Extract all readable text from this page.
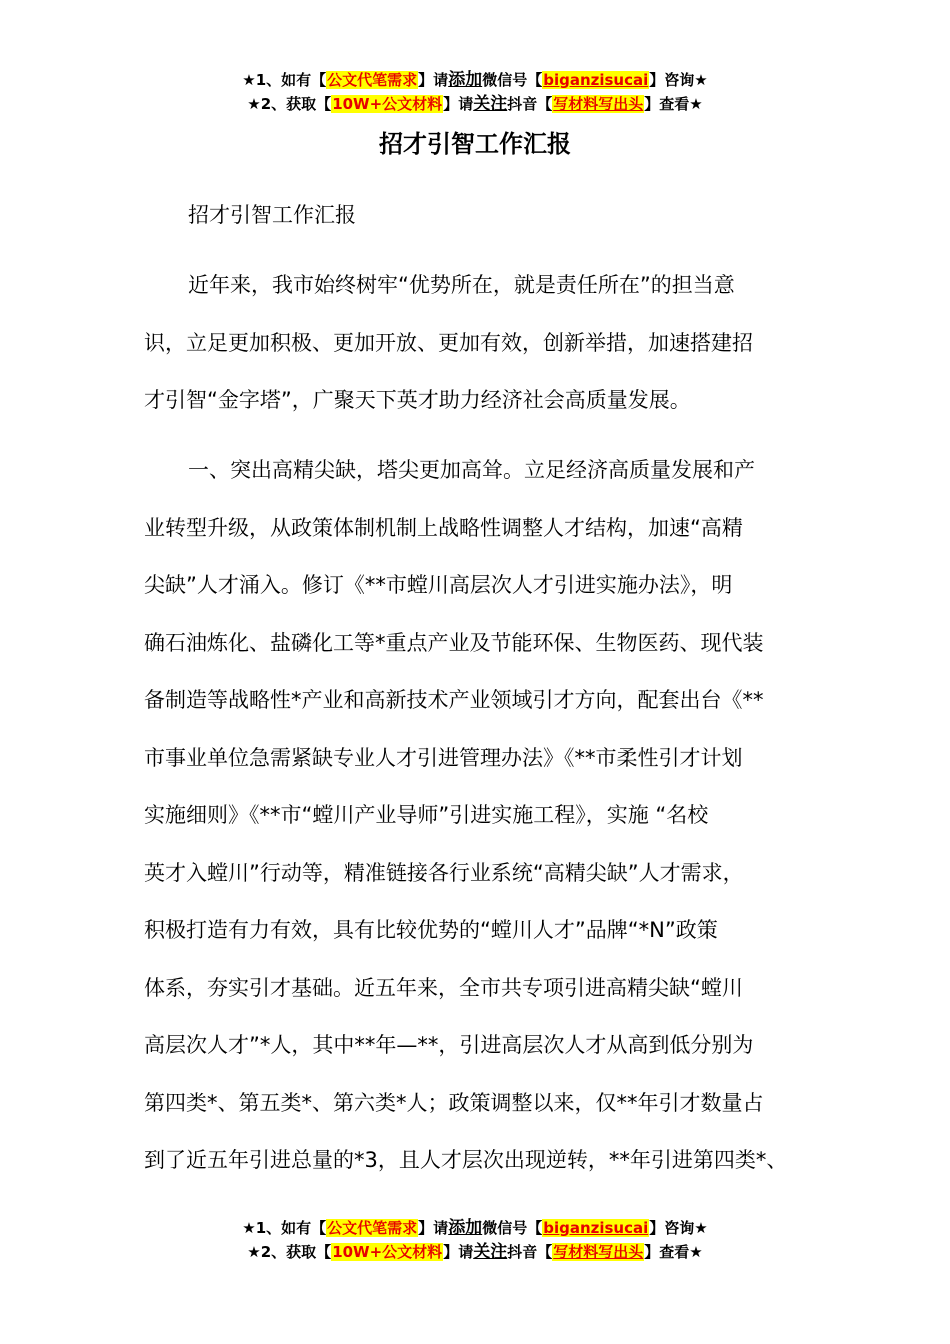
★1、如有【公文代笔需求】请添加微信号【biganzisucai】咨询★
★2、获取【10W+公文材料】请关注抖音【写材料写出头】查看★
招才引智工作汇报
招才引智工作汇报
近年来，我市始终树牢“优势所在，就是责任所在”的担当意
识，立足更加积极、更加开放、更加有效，创新举措，加速搭建招
才引智“金字塔”，广聚天下英才助力经济社会高质量发展。
一、突出高精尖缺，塔尖更加高耸。立足经济高质量发展和产
业转型升级，从政策体制机制上战略性调整人才结构，加速“高精
尖缺”人才涌入。修订《**市螳川高层次人才引进实施办法》，明
确石油炼化、盐磷化工等*重点产业及节能环保、生物医药、现代装
备制造等战略性*产业和高新技术产业领域引才方向，配套出台《**
市事业单位急需紧缺专业人才引进管理办法》《**市柔性引才计划
实施细则》《**市“螳川产业导师”引进实施工程》，实施 “名校
英才入螳川”行动等，精准链接各行业系统“高精尖缺”人才需求，
积极打造有力有效，具有比较优势的“螳川人才”品牌“*N”政策
体系，夯实引才基础。近五年来，全市共专项引进高精尖缺“螳川
高层次人才”*人，其中**年—**，引进高层次人才从高到低分别为
第四类*、第五类*、第六类*人；政策调整以来，仅**年引才数量占
到了近五年引进总量的*3，且人才层次出现逆转，**年引进第四类*、
★1、如有【公文代笔需求】请添加微信号【biganzisucai】咨询★
★2、获取【10W+公文材料】请关注抖音【写材料写出头】查看★
